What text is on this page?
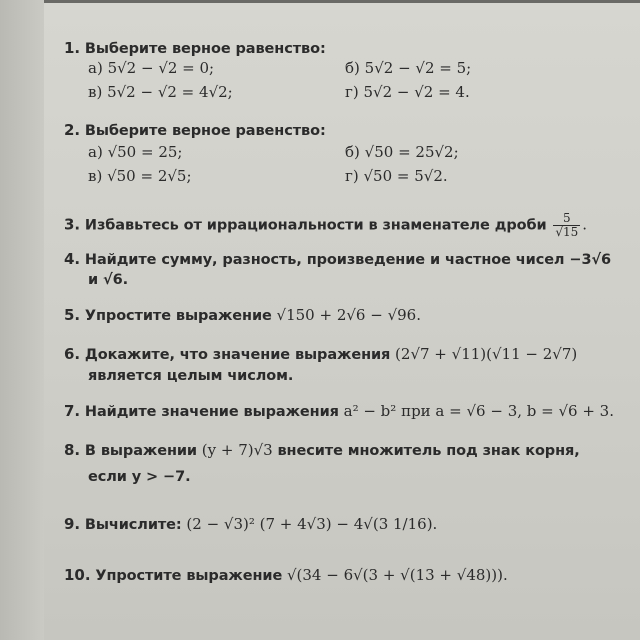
1. Выберите верное равенство:
а) 5√2 − √2 = 0;	б) 5√2 − √2 = 5;
в) 5√2 − √2 = 4√2;	г) 5√2 − √2 = 4.
2. Выберите верное равенство:
а) √50 = 25;	б) √50 = 25√2;
в) √50 = 2√5;	г) √50 = 5√2.
3. Избавьтесь от иррациональности в знаменателе дроби $\frac{5}{√15}$ .
4. Найдите сумму, разность, произведение и частное чисел −3√6
и √6.
5. Упростите выражение √150 + 2√6 − √96.
6. Докажите, что значение выражения (2√7 + √11)(√11 − 2√7)
является целым числом.
7. Найдите значение выражения a² − b² при a = √6 − 3, b = √6 + 3.
8. В выражении (y + 7)√3 внесите множитель под знак корня,
если y > −7.
9. Вычислите: (2 − √3)² (7 + 4√3) − 4√(3 1/16).
10. Упростите выражение √(34 − 6√(3 + √(13 + √48))).
